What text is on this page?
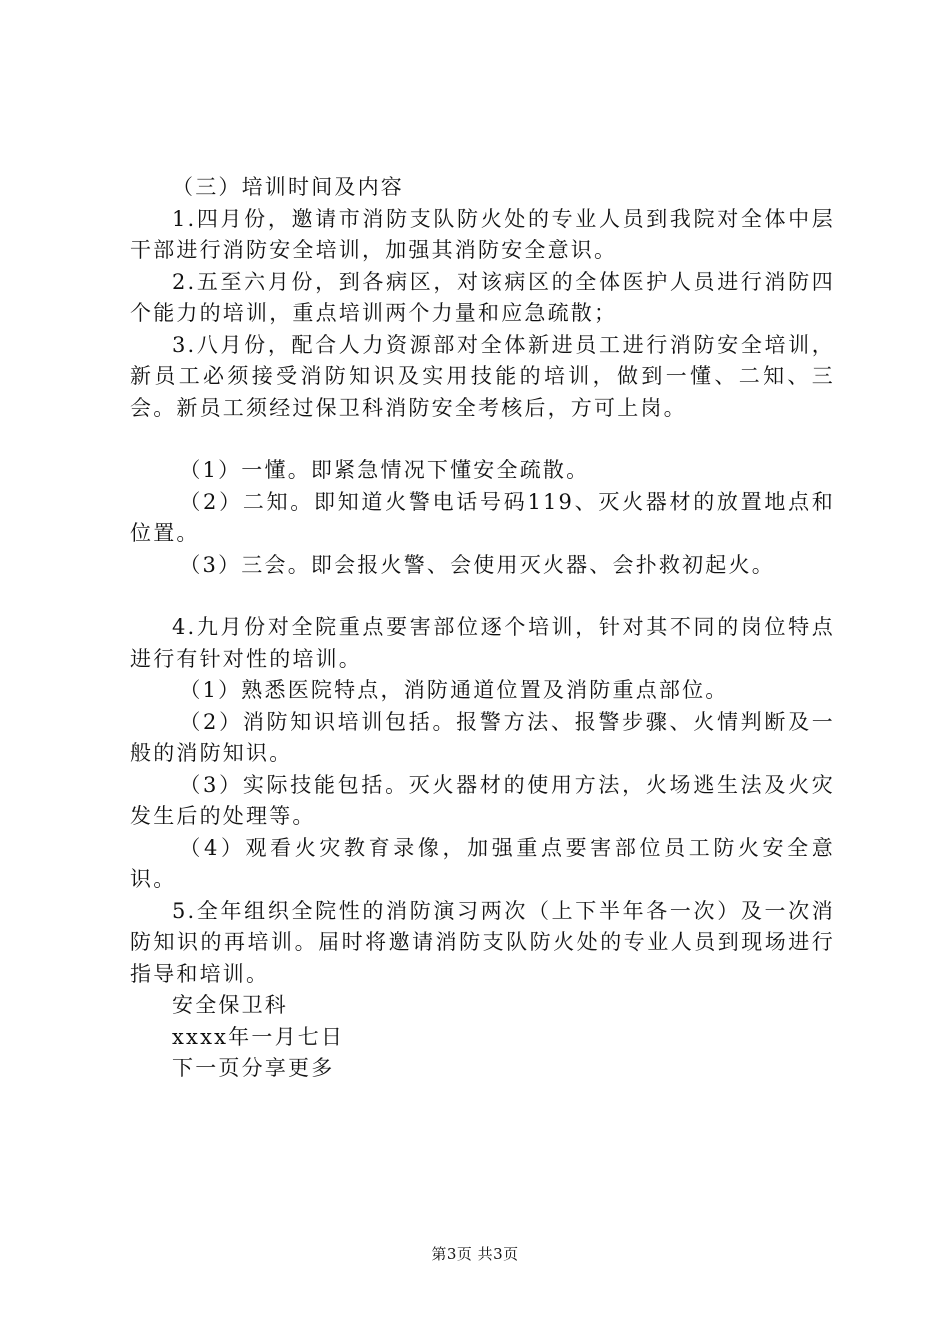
（三）培训时间及内容

1.四月份，邀请市消防支队防火处的专业人员到我院对全体中层干部进行消防安全培训，加强其消防安全意识。

2.五至六月份，到各病区，对该病区的全体医护人员进行消防四个能力的培训，重点培训两个力量和应急疏散；

3.八月份，配合人力资源部对全体新进员工进行消防安全培训，新员工必须接受消防知识及实用技能的培训，做到一懂、二知、三会。新员工须经过保卫科消防安全考核后，方可上岗。

（1）一懂。即紧急情况下懂安全疏散。

（2）二知。即知道火警电话号码119、灭火器材的放置地点和位置。

（3）三会。即会报火警、会使用灭火器、会扑救初起火。

4.九月份对全院重点要害部位逐个培训，针对其不同的岗位特点进行有针对性的培训。

（1）熟悉医院特点，消防通道位置及消防重点部位。

（2）消防知识培训包括。报警方法、报警步骤、火情判断及一般的消防知识。

（3）实际技能包括。灭火器材的使用方法，火场逃生法及火灾发生后的处理等。

（4）观看火灾教育录像，加强重点要害部位员工防火安全意识。

5.全年组织全院性的消防演习两次（上下半年各一次）及一次消防知识的再培训。届时将邀请消防支队防火处的专业人员到现场进行指导和培训。

安全保卫科

xxxx年一月七日

下一页分享更多

第3页 共3页
